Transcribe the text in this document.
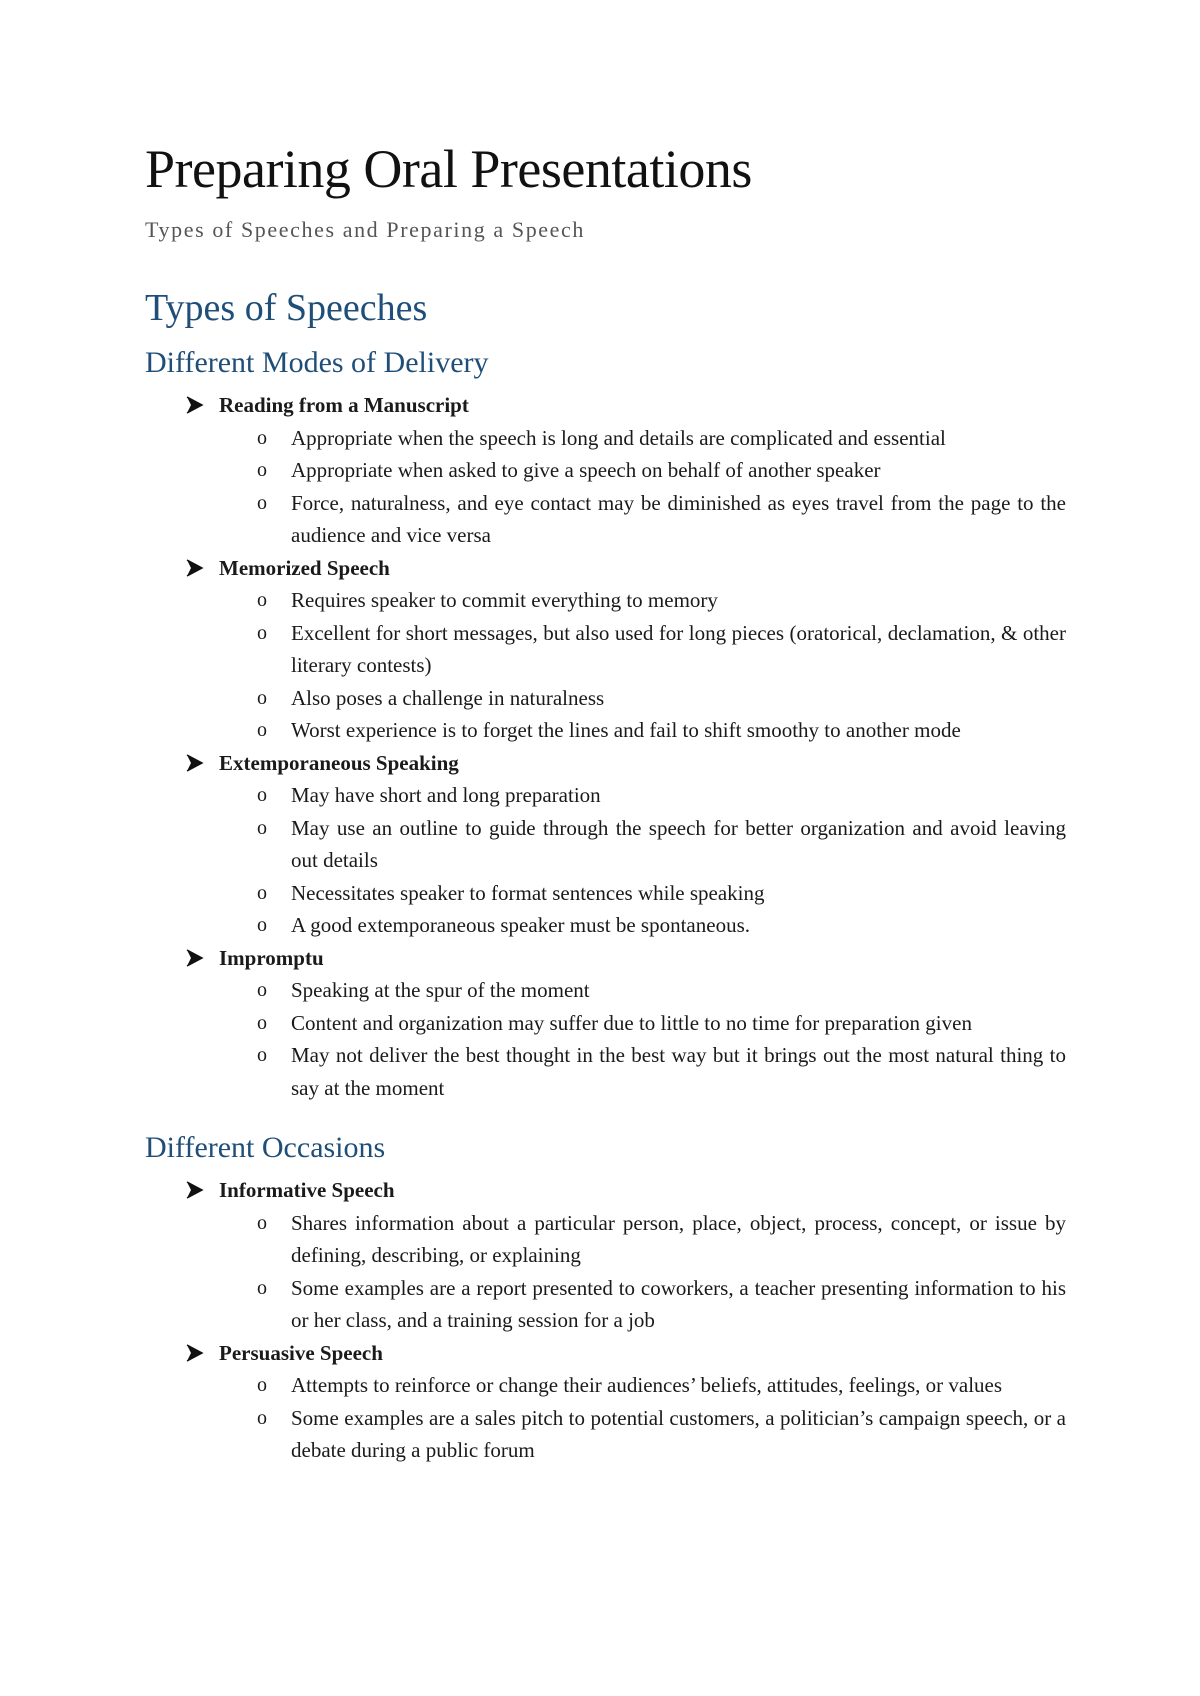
Preparing Oral Presentations
Types of Speeches and Preparing a Speech
Types of Speeches
Different Modes of Delivery
Reading from a Manuscript
o Appropriate when the speech is long and details are complicated and essential
o Appropriate when asked to give a speech on behalf of another speaker
o Force, naturalness, and eye contact may be diminished as eyes travel from the page to the audience and vice versa
Memorized Speech
o Requires speaker to commit everything to memory
o Excellent for short messages, but also used for long pieces (oratorical, declamation, & other literary contests)
o Also poses a challenge in naturalness
o Worst experience is to forget the lines and fail to shift smoothy to another mode
Extemporaneous Speaking
o May have short and long preparation
o May use an outline to guide through the speech for better organization and avoid leaving out details
o Necessitates speaker to format sentences while speaking
o A good extemporaneous speaker must be spontaneous.
Impromptu
o Speaking at the spur of the moment
o Content and organization may suffer due to little to no time for preparation given
o May not deliver the best thought in the best way but it brings out the most natural thing to say at the moment
Different Occasions
Informative Speech
o Shares information about a particular person, place, object, process, concept, or issue by defining, describing, or explaining
o Some examples are a report presented to coworkers, a teacher presenting information to his or her class, and a training session for a job
Persuasive Speech
o Attempts to reinforce or change their audiences’ beliefs, attitudes, feelings, or values
o Some examples are a sales pitch to potential customers, a politician’s campaign speech, or a debate during a public forum
